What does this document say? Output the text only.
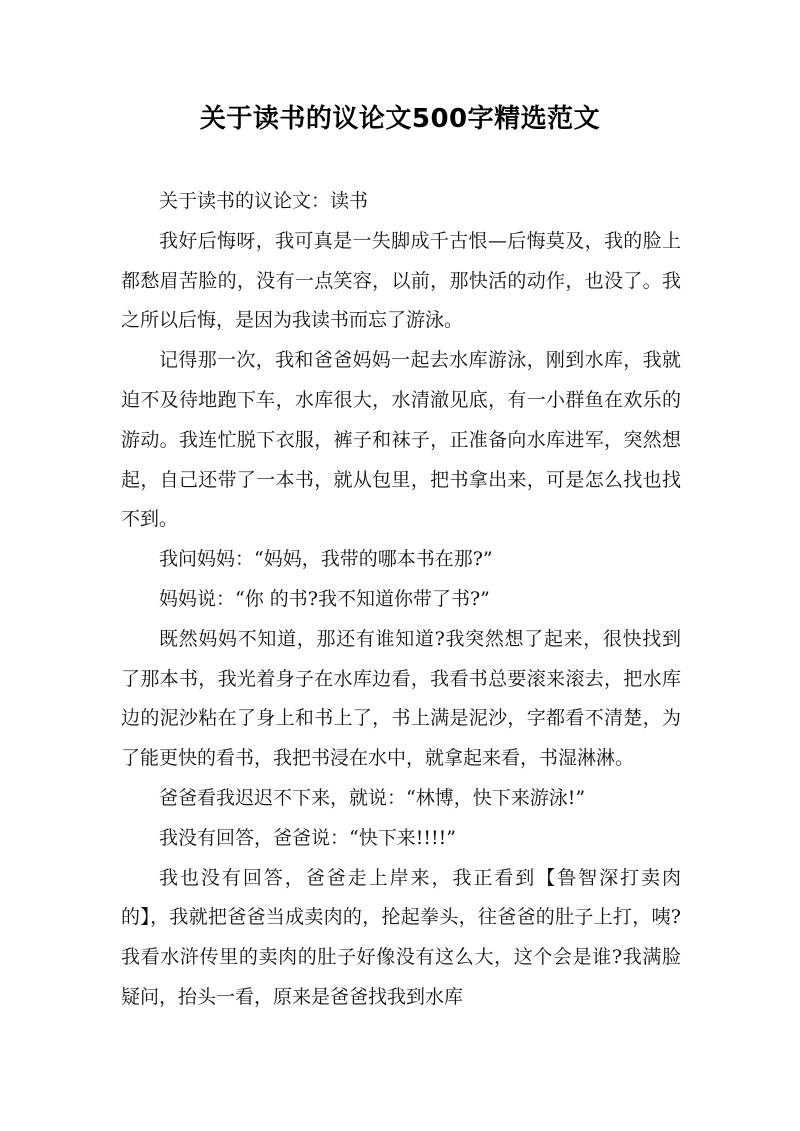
关于读书的议论文500字精选范文

关于读书的议论文：读书

我好后悔呀，我可真是一失脚成千古恨—后悔莫及，我的脸上都愁眉苦脸的，没有一点笑容，以前，那快活的动作，也没了。我之所以后悔，是因为我读书而忘了游泳。

记得那一次，我和爸爸妈妈一起去水库游泳，刚到水库，我就迫不及待地跑下车，水库很大，水清澈见底，有一小群鱼在欢乐的游动。我连忙脱下衣服，裤子和袜子，正准备向水库进军，突然想起，自己还带了一本书，就从包里，把书拿出来，可是怎么找也找不到。

我问妈妈：“妈妈，我带的哪本书在那?”

妈妈说：“你 的书?我不知道你带了书?”

既然妈妈不知道，那还有谁知道?我突然想了起来，很快找到了那本书，我光着身子在水库边看，我看书总要滚来滚去，把水库边的泥沙粘在了身上和书上了，书上满是泥沙，字都看不清楚，为了能更快的看书，我把书浸在水中，就拿起来看，书湿淋淋。

爸爸看我迟迟不下来，就说：“林博，快下来游泳!”

我没有回答，爸爸说：“快下来!!!!”

我也没有回答，爸爸走上岸来，我正看到【鲁智深打卖肉的】，我就把爸爸当成卖肉的，抡起拳头，往爸爸的肚子上打，咦?我看水浒传里的卖肉的肚子好像没有这么大，这个会是谁?我满脸疑问，抬头一看，原来是爸爸找我到水库
